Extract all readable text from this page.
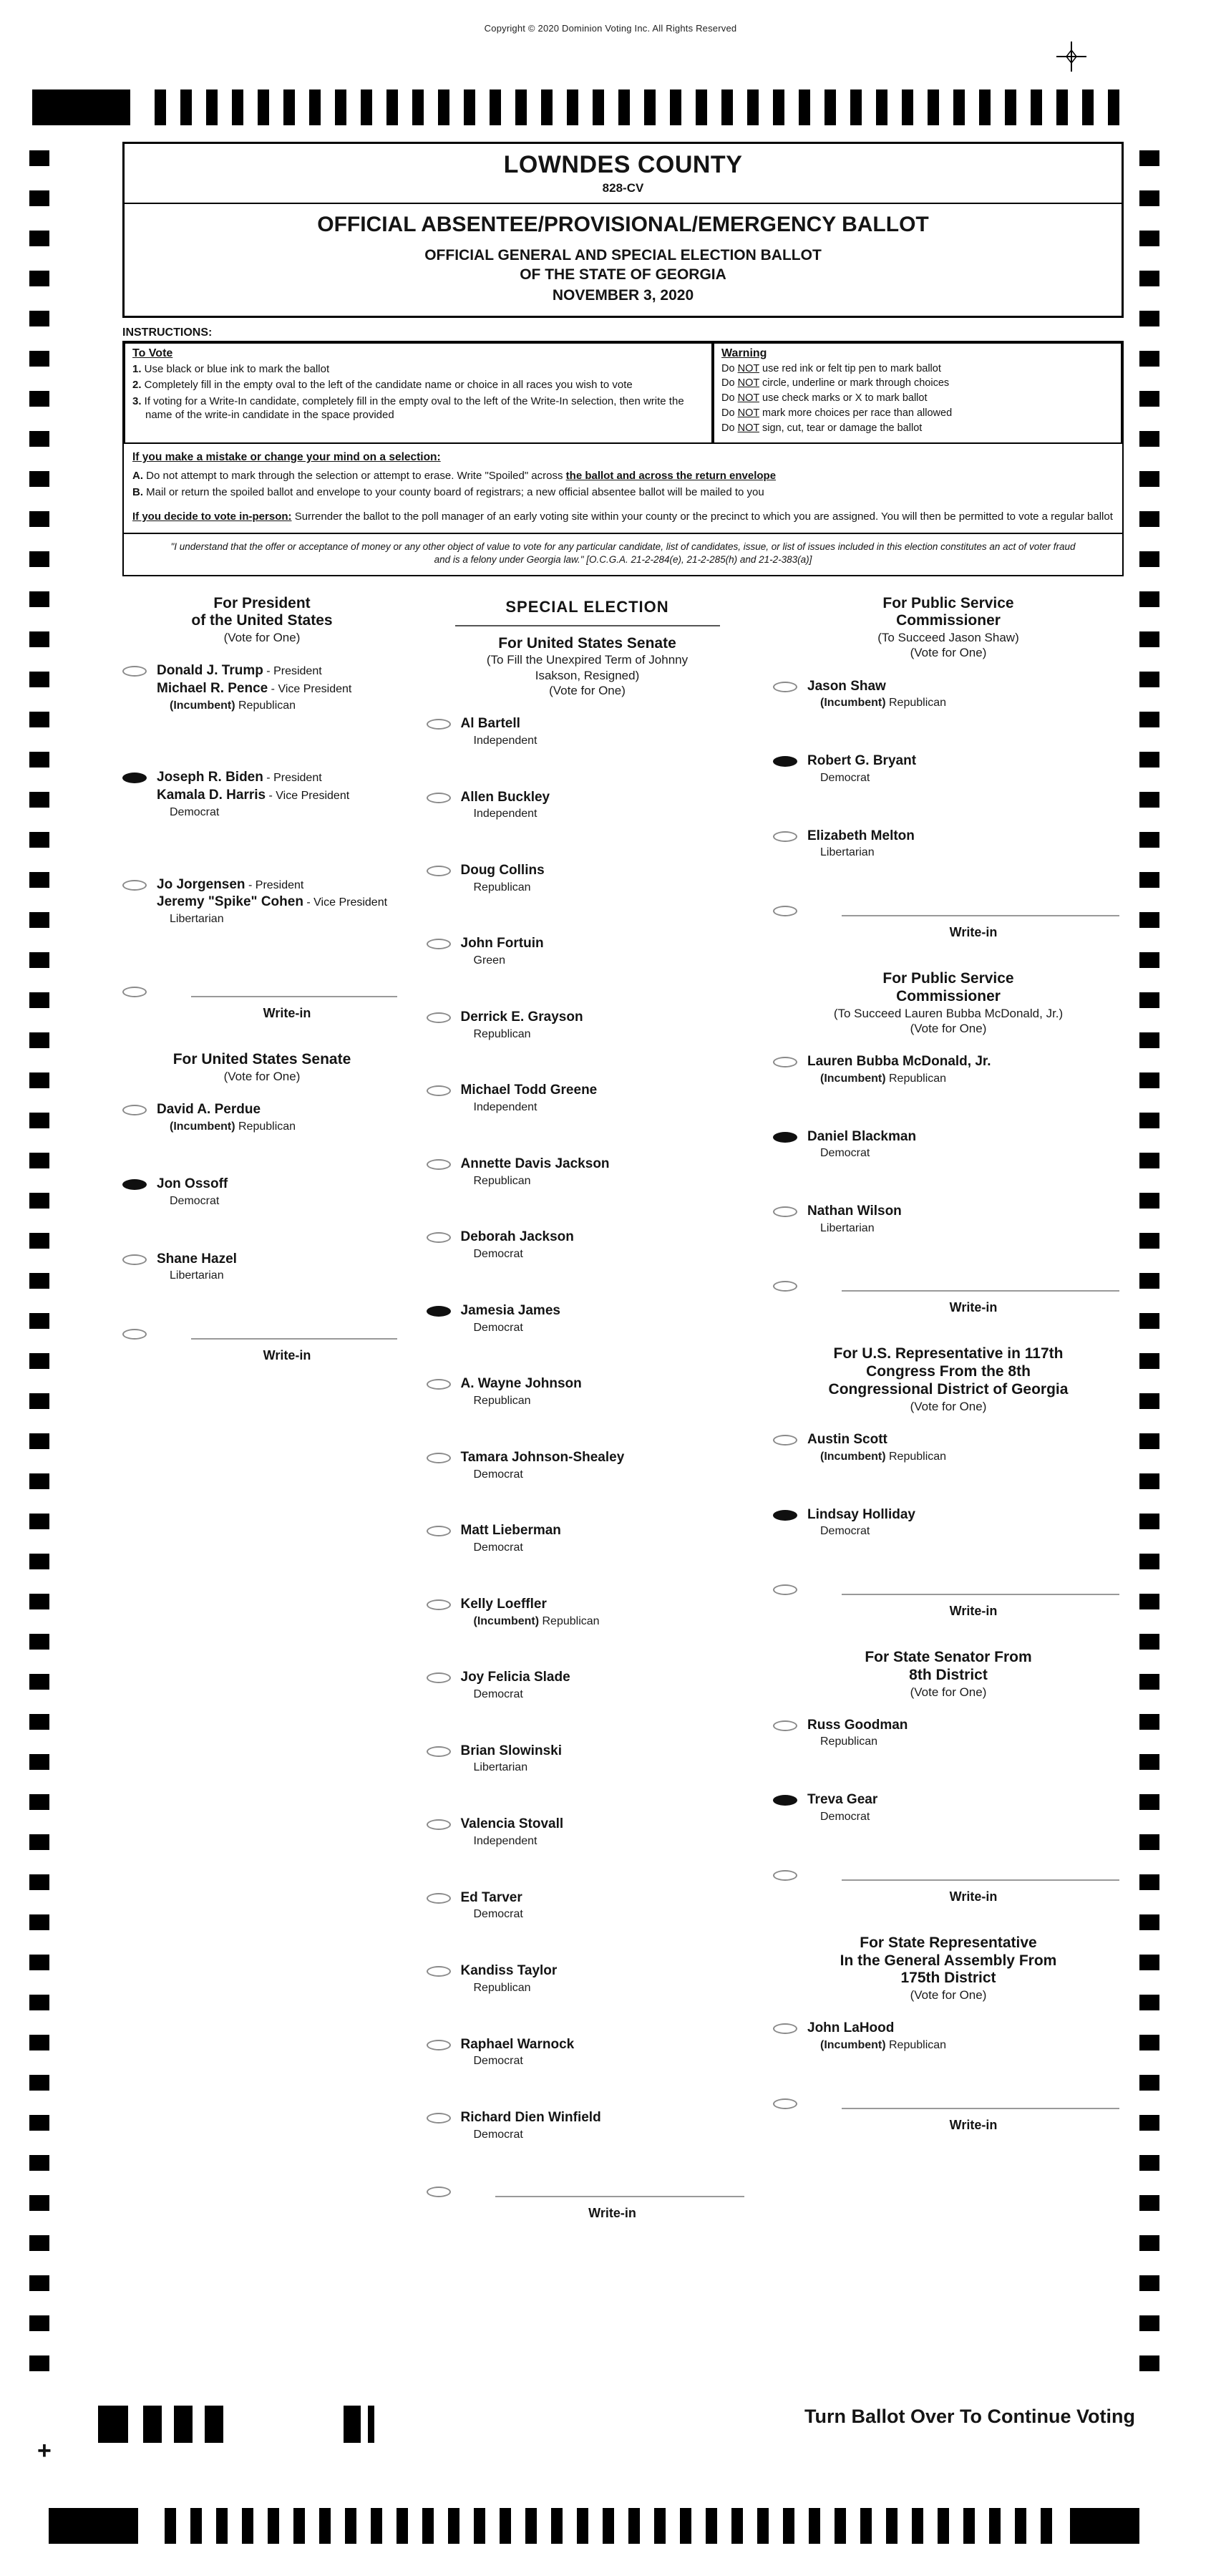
Copyright © 2020 Dominion Voting Inc. All Rights Reserved
+
LOWNDES COUNTY
828-CV
OFFICIAL ABSENTEE/PROVISIONAL/EMERGENCY BALLOT
OFFICIAL GENERAL AND SPECIAL ELECTION BALLOT
OF THE STATE OF GEORGIA
NOVEMBER 3, 2020
INSTRUCTIONS:
To Vote
1. Use black or blue ink to mark the ballot
2. Completely fill in the empty oval to the left of the candidate name or choice in all races you wish to vote
3. If voting for a Write-In candidate, completely fill in the empty oval to the left of the Write-In selection, then write the name of the write-in candidate in the space provided
Warning
Do NOT use red ink or felt tip pen to mark ballot
Do NOT circle, underline or mark through choices
Do NOT use check marks or X to mark ballot
Do NOT mark more choices per race than allowed
Do NOT sign, cut, tear or damage the ballot
If you make a mistake or change your mind on a selection:
A. Do not attempt to mark through the selection or attempt to erase. Write "Spoiled" across the ballot and across the return envelope
B. Mail or return the spoiled ballot and envelope to your county board of registrars; a new official absentee ballot will be mailed to you
If you decide to vote in-person: Surrender the ballot to the poll manager of an early voting site within your county or the precinct to which you are assigned. You will then be permitted to vote a regular ballot
"I understand that the offer or acceptance of money or any other object of value to vote for any particular candidate, list of candidates, issue, or list of issues included in this election constitutes an act of voter fraud and is a felony under Georgia law." [O.C.G.A. 21-2-284(e), 21-2-285(h) and 21-2-383(a)]
For President
of the United States
(Vote for One)
Donald J. Trump - President
Michael R. Pence - Vice President
(Incumbent) Republican
Joseph R. Biden - President
Kamala D. Harris - Vice President
Democrat
Jo Jorgensen - President
Jeremy "Spike" Cohen - Vice President
Libertarian
Write-in
For United States Senate
(Vote for One)
David A. Perdue
(Incumbent) Republican
Jon Ossoff
Democrat
Shane Hazel
Libertarian
Write-in
SPECIAL ELECTION
For United States Senate
(To Fill the Unexpired Term of Johnny
Isakson, Resigned)
(Vote for One)
Al Bartell
Independent
Allen Buckley
Independent
Doug Collins
Republican
John Fortuin
Green
Derrick E. Grayson
Republican
Michael Todd Greene
Independent
Annette Davis Jackson
Republican
Deborah Jackson
Democrat
Jamesia James
Democrat
A. Wayne Johnson
Republican
Tamara Johnson-Shealey
Democrat
Matt Lieberman
Democrat
Kelly Loeffler
(Incumbent) Republican
Joy Felicia Slade
Democrat
Brian Slowinski
Libertarian
Valencia Stovall
Independent
Ed Tarver
Democrat
Kandiss Taylor
Republican
Raphael Warnock
Democrat
Richard Dien Winfield
Democrat
Write-in
For Public Service
Commissioner
(To Succeed Jason Shaw)
(Vote for One)
Jason Shaw
(Incumbent) Republican
Robert G. Bryant
Democrat
Elizabeth Melton
Libertarian
Write-in
For Public Service
Commissioner
(To Succeed Lauren Bubba McDonald, Jr.)
(Vote for One)
Lauren Bubba McDonald, Jr.
(Incumbent) Republican
Daniel Blackman
Democrat
Nathan Wilson
Libertarian
Write-in
For U.S. Representative in 117th
Congress From the 8th
Congressional District of Georgia
(Vote for One)
Austin Scott
(Incumbent) Republican
Lindsay Holliday
Democrat
Write-in
For State Senator From
8th District
(Vote for One)
Russ Goodman
Republican
Treva Gear
Democrat
Write-in
For State Representative
In the General Assembly From
175th District
(Vote for One)
John LaHood
(Incumbent) Republican
Write-in
Turn Ballot Over To Continue Voting
